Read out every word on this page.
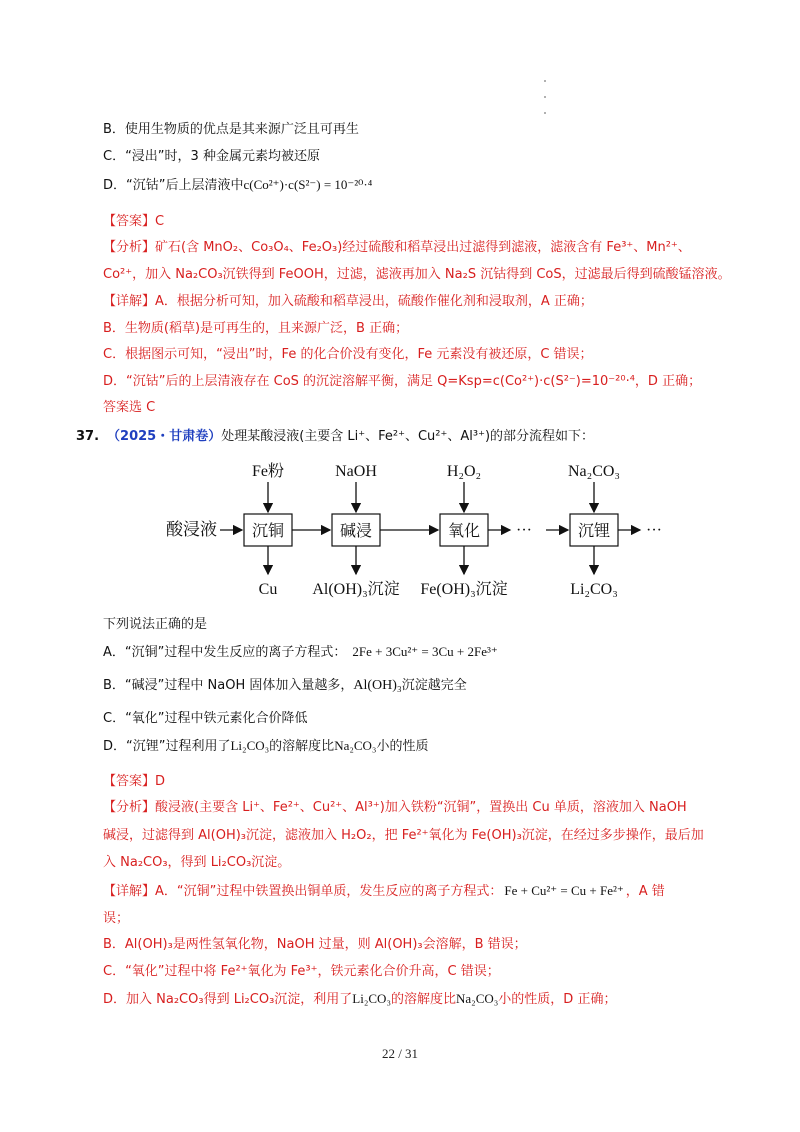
B．使用生物质的优点是其来源广泛且可再生
C．“浸出”时，3 种金属元素均被还原
D．“沉钴”后上层清液中c(Co²⁺)·c(S²⁻) = 10⁻²⁰·⁴
【答案】C
【分析】矿石(含 MnO₂、Co₃O₄、Fe₂O₃)经过硫酸和稻草浸出过滤得到滤液，滤液含有 Fe³⁺、Mn²⁺、
Co²⁺，加入 Na₂CO₃沉铁得到 FeOOH，过滤，滤液再加入 Na₂S 沉钴得到 CoS，过滤最后得到硫酸锰溶液。
【详解】A．根据分析可知，加入硫酸和稻草浸出，硫酸作催化剂和浸取剂，A 正确；
B．生物质(稻草)是可再生的，且来源广泛，B 正确；
C．根据图示可知，“浸出”时，Fe 的化合价没有变化，Fe 元素没有被还原，C 错误；
D．“沉钴”后的上层清液存在 CoS 的沉淀溶解平衡，满足 Q=Ksp=c(Co²⁺)·c(S²⁻)=10⁻²⁰·⁴，D 正确；
答案选 C
37. （2025・甘肃卷）处理某酸浸液(主要含 Li⁺、Fe²⁺、Cu²⁺、Al³⁺)的部分流程如下：
酸浸液 沉铜	碱浸	氧化	沉锂
···	···
Fe粉	NaOH	H₂O₂	Na₂CO₃
Cu Al(OH)₃沉淀 Fe(OH)₃沉淀	Li₂CO₃
下列说法正确的是
A．“沉铜”过程中发生反应的离子方程式： 2Fe + 3Cu²⁺ = 3Cu + 2Fe³⁺
B．“碱浸”过程中 NaOH 固体加入量越多，Al(OH)₃沉淀越完全
C．“氧化”过程中铁元素化合价降低
D．“沉锂”过程利用了Li₂CO₃的溶解度比Na₂CO₃小的性质
【答案】D
【分析】酸浸液(主要含 Li⁺、Fe²⁺、Cu²⁺、Al³⁺)加入铁粉“沉铜”，置换出 Cu 单质，溶液加入 NaOH
碱浸，过滤得到 Al(OH)₃沉淀，滤液加入 H₂O₂，把 Fe²⁺氧化为 Fe(OH)₃沉淀，在经过多步操作，最后加
入 Na₂CO₃，得到 Li₂CO₃沉淀。
【详解】A．“沉铜”过程中铁置换出铜单质，发生反应的离子方程式： Fe + Cu²⁺ = Cu + Fe²⁺ ，A 错
误；
B．Al(OH)₃是两性氢氧化物，NaOH 过量，则 Al(OH)₃会溶解，B 错误；
C．“氧化”过程中将 Fe²⁺氧化为 Fe³⁺，铁元素化合价升高，C 错误；
D．加入 Na₂CO₃得到 Li₂CO₃沉淀，利用了Li₂CO₃的溶解度比Na₂CO₃小的性质，D 正确；
22 / 31
